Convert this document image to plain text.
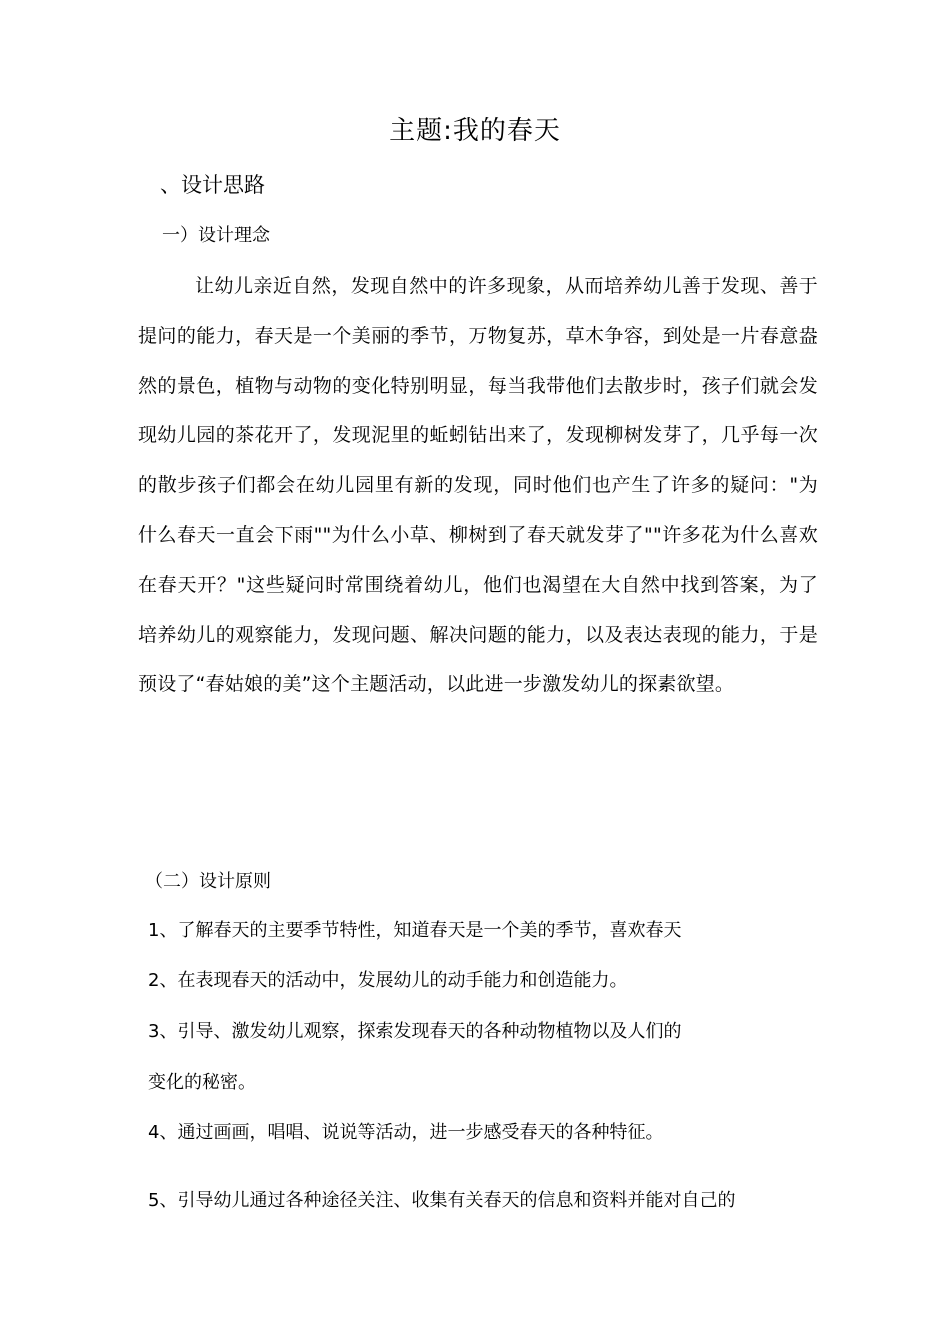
主题:我的春天
、设计思路
一）设计理念

让幼儿亲近自然，发现自然中的许多现象，从而培养幼儿善于发现、善于提问的能力，春天是一个美丽的季节，万物复苏，草木争容，到处是一片春意盎然的景色，植物与动物的变化特别明显，每当我带他们去散步时，孩子们就会发现幼儿园的茶花开了，发现泥里的蚯蚓钻出来了，发现柳树发芽了，几乎每一次的散步孩子们都会在幼儿园里有新的发现，同时他们也产生了许多的疑问："为什么春天一直会下雨""为什么小草、柳树到了春天就发芽了""许多花为什么喜欢在春天开？"这些疑问时常围绕着幼儿，他们也渴望在大自然中找到答案，为了培养幼儿的观察能力，发现问题、解决问题的能力，以及表达表现的能力，于是预设了“春姑娘的美”这个主题活动，以此进一步激发幼儿的探素欲望。

（二）设计原则
1、了解春天的主要季节特性，知道春天是一个美的季节，喜欢春天
2、在表现春天的活动中，发展幼儿的动手能力和创造能力。
3、引导、激发幼儿观察，探索发现春天的各种动物植物以及人们的
变化的秘密。
4、通过画画，唱唱、说说等活动，进一步感受春天的各种特征。
5、引导幼儿通过各种途径关注、收集有关春天的信息和资料并能对自己的
